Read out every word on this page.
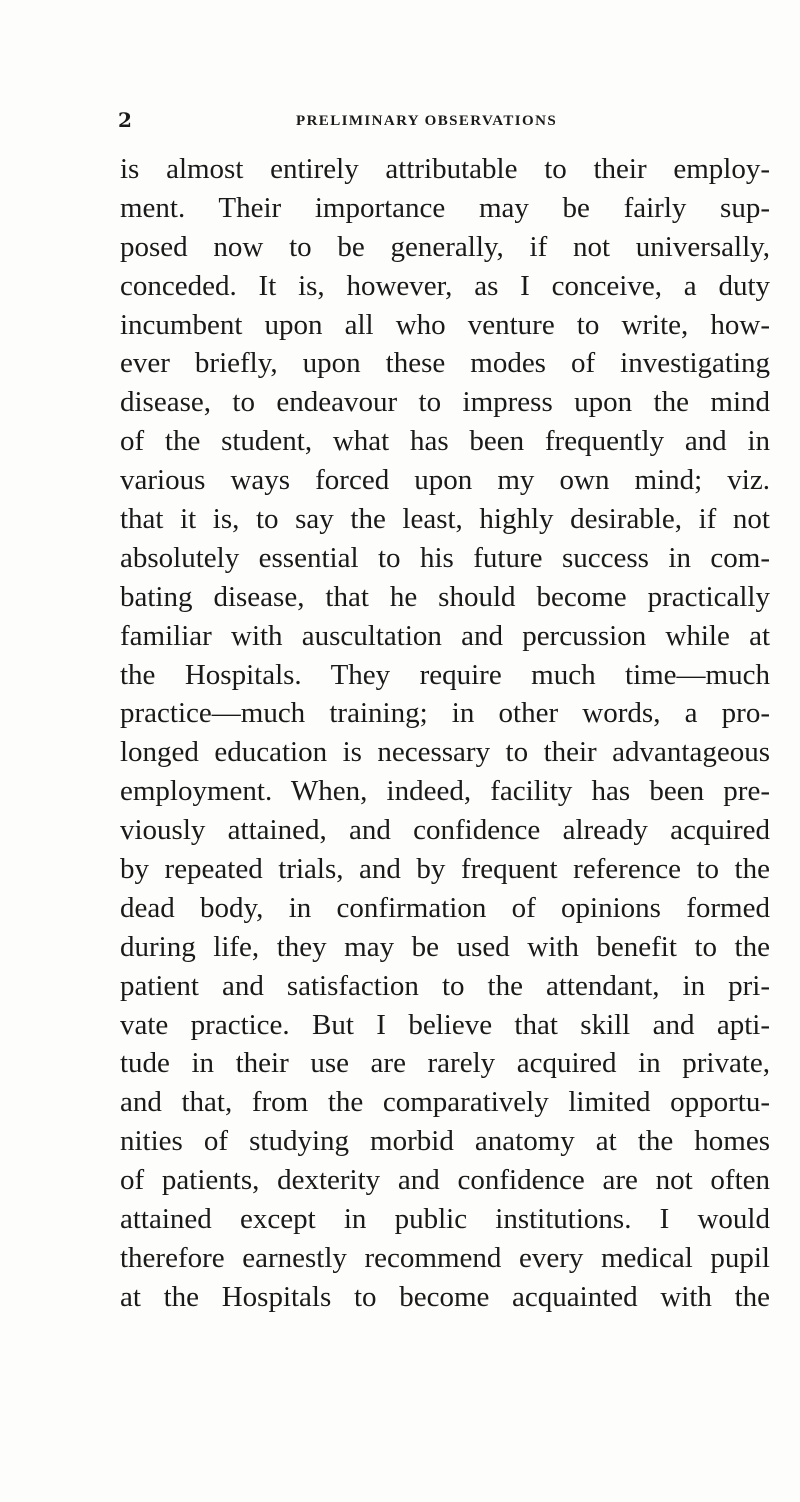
2	PRELIMINARY OBSERVATIONS
is almost entirely attributable to their employ-
ment. Their importance may be fairly sup-
posed now to be generally, if not universally,
conceded. It is, however, as I conceive, a duty
incumbent upon all who venture to write, how-
ever briefly, upon these modes of investigating
disease, to endeavour to impress upon the mind
of the student, what has been frequently and in
various ways forced upon my own mind; viz.
that it is, to say the least, highly desirable, if not
absolutely essential to his future success in com-
bating disease, that he should become practically
familiar with auscultation and percussion while at
the Hospitals. They require much time—much
practice—much training; in other words, a pro-
longed education is necessary to their advantageous
employment. When, indeed, facility has been pre-
viously attained, and confidence already acquired
by repeated trials, and by frequent reference to the
dead body, in confirmation of opinions formed
during life, they may be used with benefit to the
patient and satisfaction to the attendant, in pri-
vate practice. But I believe that skill and apti-
tude in their use are rarely acquired in private,
and that, from the comparatively limited opportu-
nities of studying morbid anatomy at the homes
of patients, dexterity and confidence are not often
attained except in public institutions. I would
therefore earnestly recommend every medical pupil
at the Hospitals to become acquainted with the
